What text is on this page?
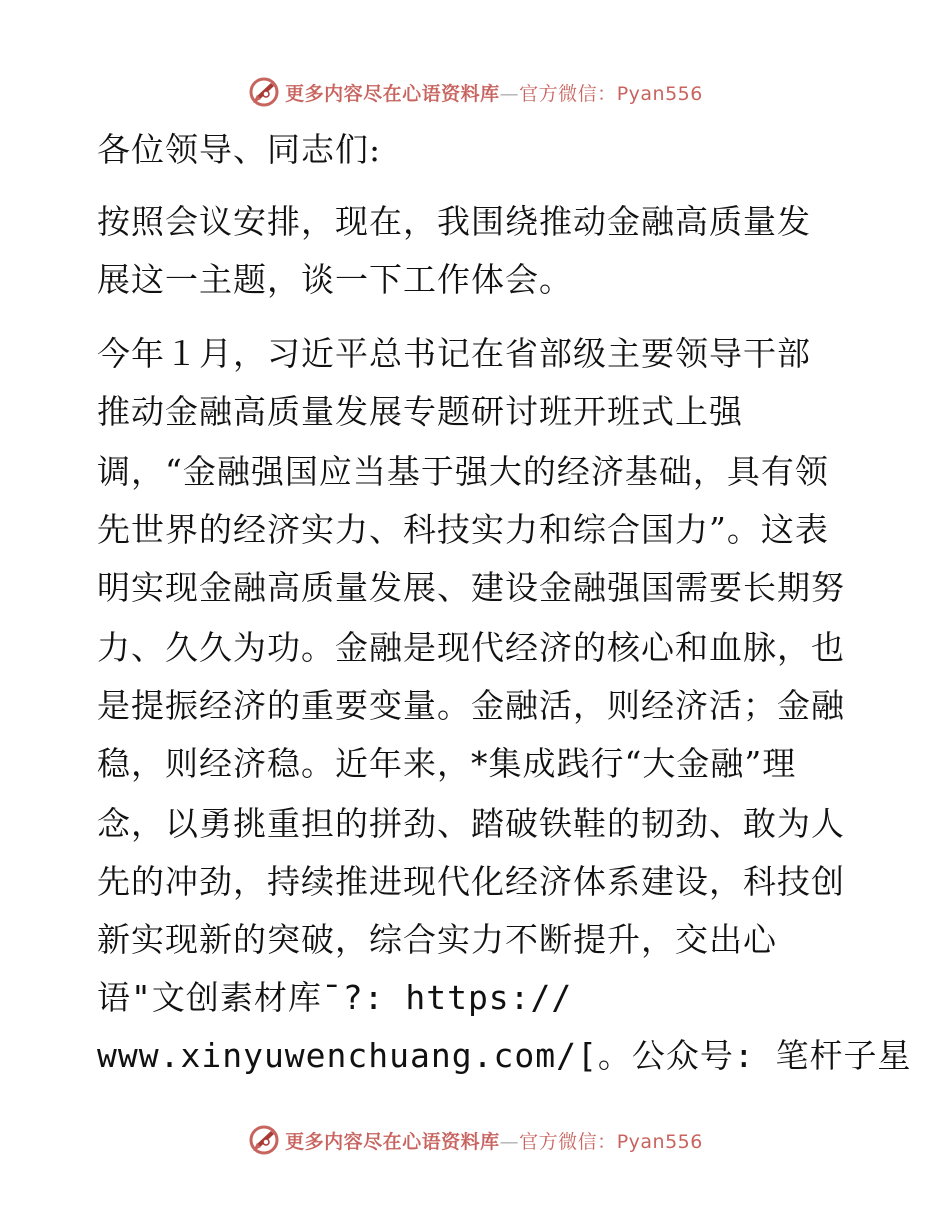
更多内容尽在心语资料库—官方微信：Pyan556
各位领导、同志们:
按照会议安排，现在，我围绕推动金融高质量发
展这一主题，谈一下工作体会。
今年１月，习近平总书记在省部级主要领导干部
推动金融高质量发展专题研讨班开班式上强
调，“金融强国应当基于强大的经济基础，具有领
先世界的经济实力、科技实力和综合国力”。这表
明实现金融高质量发展、建设金融强国需要长期努
力、久久为功。金融是现代经济的核心和血脉，也
是提振经济的重要变量。金融活，则经济活；金融
稳，则经济稳。近年来，*集成践行“大金融”理
念，以勇挑重担的拼劲、踏破铁鞋的韧劲、敢为人
先的冲劲，持续推进现代化经济体系建设，科技创
新实现新的突破，综合实力不断提升，交出心
语"文创素材库¯?: https://
www.xinyuwenchuang.com/[。公众号: 笔杆子星
更多内容尽在心语资料库—官方微信：Pyan556
